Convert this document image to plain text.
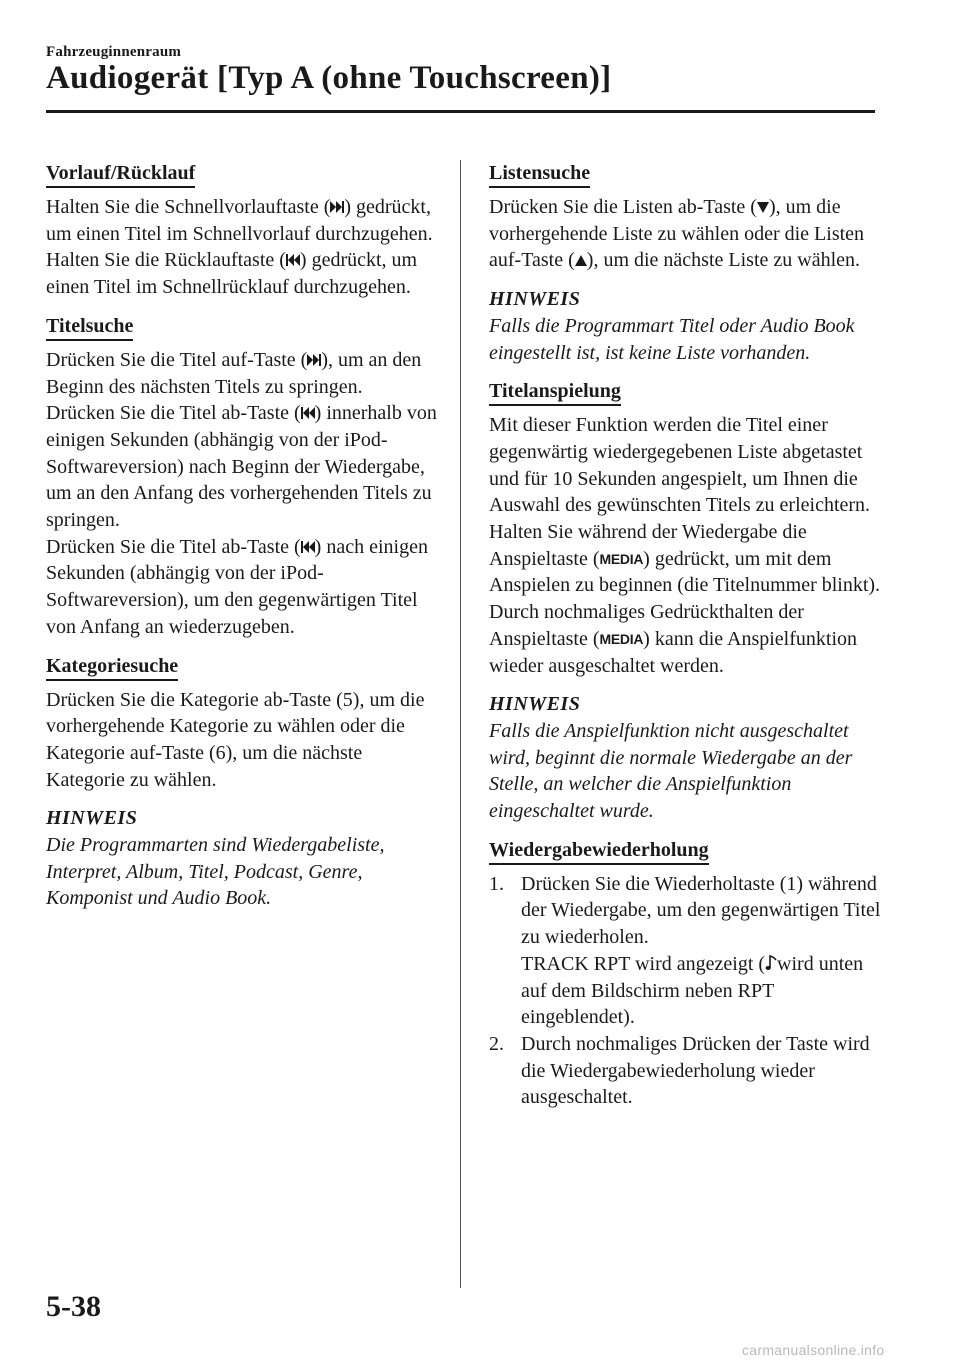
Fahrzeuginnenraum
Audiogerät [Typ A (ohne Touchscreen)]
Vorlauf/Rücklauf
Halten Sie die Schnellvorlauftaste ( ) gedrückt, um einen Titel im Schnellvorlauf durchzugehen.
Halten Sie die Rücklauftaste ( ) gedrückt, um einen Titel im Schnellrücklauf durchzugehen.
Titelsuche
Drücken Sie die Titel auf-Taste ( ), um an den Beginn des nächsten Titels zu springen.
Drücken Sie die Titel ab-Taste ( ) innerhalb von einigen Sekunden (abhängig von der iPod-Softwareversion) nach Beginn der Wiedergabe, um an den Anfang des vorhergehenden Titels zu springen.
Drücken Sie die Titel ab-Taste ( ) nach einigen Sekunden (abhängig von der iPod-Softwareversion), um den gegenwärtigen Titel von Anfang an wiederzugeben.
Kategoriesuche
Drücken Sie die Kategorie ab-Taste (5), um die vorhergehende Kategorie zu wählen oder die Kategorie auf-Taste (6), um die nächste Kategorie zu wählen.
HINWEIS
Die Programmarten sind Wiedergabeliste, Interpret, Album, Titel, Podcast, Genre, Komponist und Audio Book.
Listensuche
Drücken Sie die Listen ab-Taste ( ), um die vorhergehende Liste zu wählen oder die Listen auf-Taste ( ), um die nächste Liste zu wählen.
HINWEIS
Falls die Programmart Titel oder Audio Book eingestellt ist, ist keine Liste vorhanden.
Titelanspielung
Mit dieser Funktion werden die Titel einer gegenwärtig wiedergegebenen Liste abgetastet und für 10 Sekunden angespielt, um Ihnen die Auswahl des gewünschten Titels zu erleichtern.
Halten Sie während der Wiedergabe die Anspieltaste (MEDIA) gedrückt, um mit dem Anspielen zu beginnen (die Titelnummer blinkt). Durch nochmaliges Gedrückthalten der Anspieltaste (MEDIA) kann die Anspielfunktion wieder ausgeschaltet werden.
HINWEIS
Falls die Anspielfunktion nicht ausgeschaltet wird, beginnt die normale Wiedergabe an der Stelle, an welcher die Anspielfunktion eingeschaltet wurde.
Wiedergabewiederholung
1. Drücken Sie die Wiederholtaste (1) während der Wiedergabe, um den gegenwärtigen Titel zu wiederholen.
TRACK RPT wird angezeigt ( wird unten auf dem Bildschirm neben RPT eingeblendet).
2. Durch nochmaliges Drücken der Taste wird die Wiedergabewiederholung wieder ausgeschaltet.
5-38
carmanualsonline.info
